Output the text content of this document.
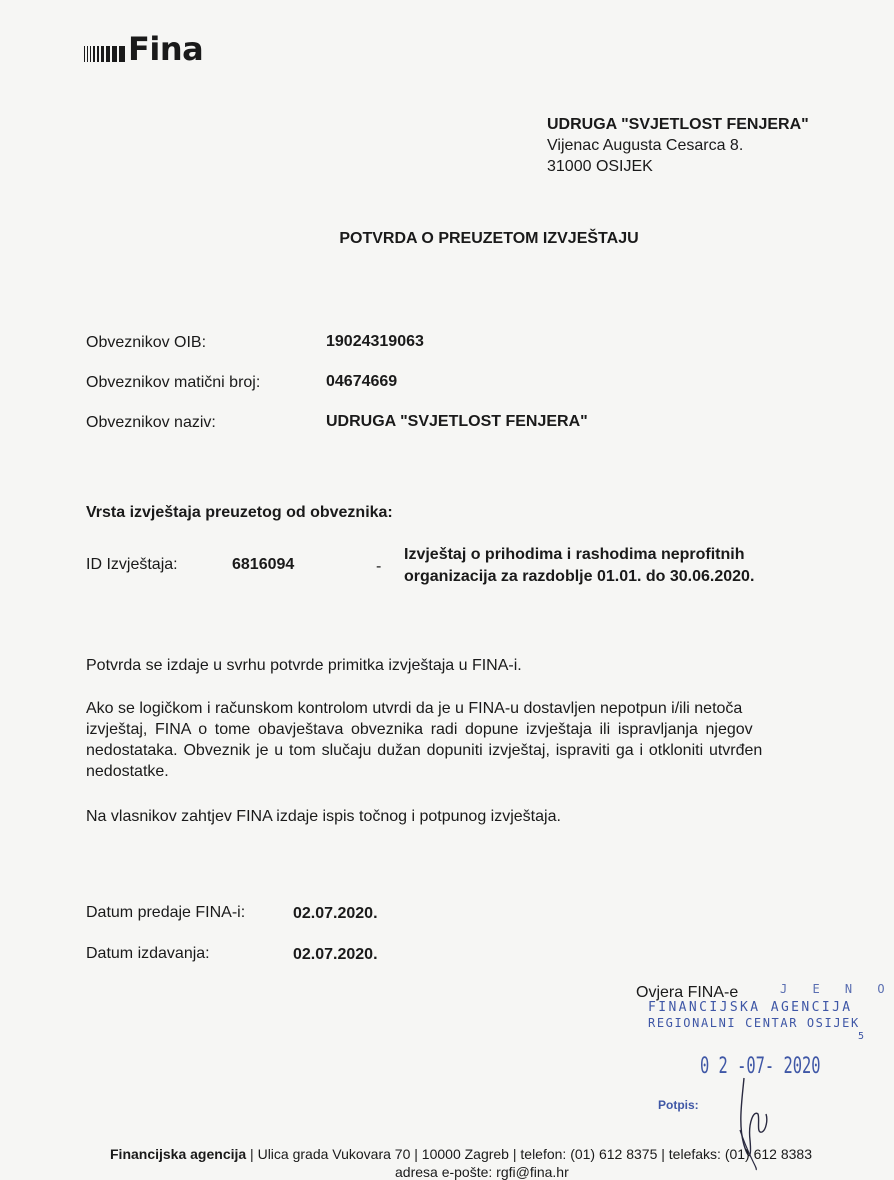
Fina
UDRUGA "SVJETLOST FENJERA"
Vijenac Augusta Cesarca 8.
31000 OSIJEK
POTVRDA O PREUZETOM IZVJEŠTAJU
Obveznikov OIB:	19024319063
Obveznikov matični broj:	04674669
Obveznikov naziv:	UDRUGA "SVJETLOST FENJERA"
Vrsta izvještaja preuzetog od obveznika:
ID Izvještaja:	6816094	-
Izvještaj o prihodima i rashodima neprofitnih
organizacija za razdoblje 01.01. do 30.06.2020.
Potvrda se izdaje u svrhu potvrde primitka izvještaja u FINA-i.
Ako se logičkom i računskom kontrolom utvrdi da je u FINA-u dostavljen nepotpun i/ili netoča
izvještaj, FINA o tome obavještava obveznika radi dopune izvještaja ili ispravljanja njegov
nedostataka. Obveznik je u tom slučaju dužan dopuniti izvještaj, ispraviti ga i otkloniti utvrđen
nedostatke.
Na vlasnikov zahtjev FINA izdaje ispis točnog i potpunog izvještaja.
Datum predaje FINA-i:	02.07.2020.
Datum izdavanja:	02.07.2020.
Ovjera FINA-e	J E N O
FINANCIJSKA AGENCIJA
REGIONALNI CENTAR OSIJEK
5
0 2 -07- 2020
Potpis:
Financijska agencija | Ulica grada Vukovara 70 | 10000 Zagreb | telefon: (01) 612 8375 | telefaks: (01) 612 8383
adresa e-pošte: rgfi@fina.hr
